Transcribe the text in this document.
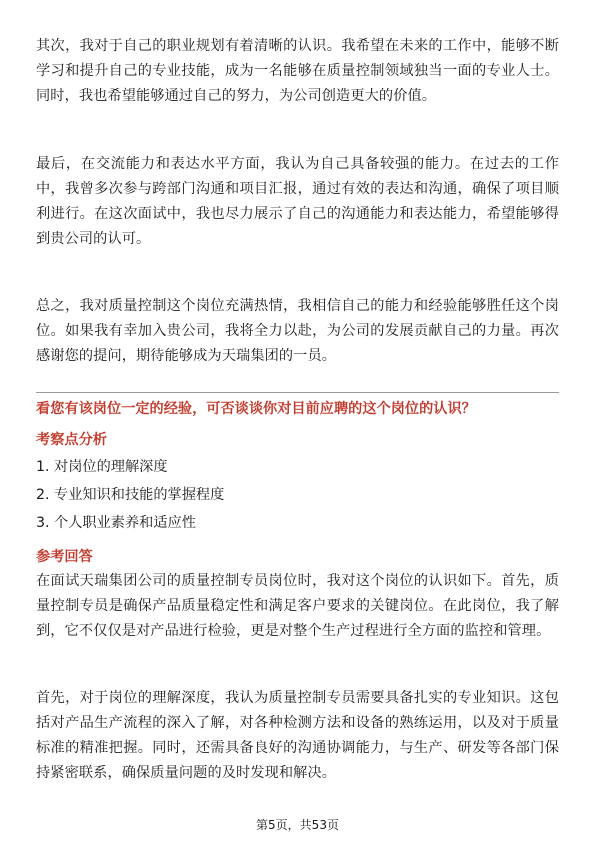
其次，我对于自己的职业规划有着清晰的认识。我希望在未来的工作中，能够不断学习和提升自己的专业技能，成为一名能够在质量控制领域独当一面的专业人士。同时，我也希望能够通过自己的努力，为公司创造更大的价值。

最后，在交流能力和表达水平方面，我认为自己具备较强的能力。在过去的工作中，我曾多次参与跨部门沟通和项目汇报，通过有效的表达和沟通，确保了项目顺利进行。在这次面试中，我也尽力展示了自己的沟通能力和表达能力，希望能够得到贵公司的认可。

总之，我对质量控制这个岗位充满热情，我相信自己的能力和经验能够胜任这个岗位。如果我有幸加入贵公司，我将全力以赴，为公司的发展贡献自己的力量。再次感谢您的提问，期待能够成为天瑞集团的一员。

看您有该岗位一定的经验，可否谈谈你对目前应聘的这个岗位的认识？

考察点分析

1. 对岗位的理解深度
2. 专业知识和技能的掌握程度
3. 个人职业素养和适应性

参考回答

在面试天瑞集团公司的质量控制专员岗位时，我对这个岗位的认识如下。首先，质量控制专员是确保产品质量稳定性和满足客户要求的关键岗位。在此岗位，我了解到，它不仅仅是对产品进行检验，更是对整个生产过程进行全方面的监控和管理。

首先，对于岗位的理解深度，我认为质量控制专员需要具备扎实的专业知识。这包括对产品生产流程的深入了解，对各种检测方法和设备的熟练运用，以及对于质量标准的精准把握。同时，还需具备良好的沟通协调能力，与生产、研发等各部门保持紧密联系，确保质量问题的及时发现和解决。

第5页，共53页
